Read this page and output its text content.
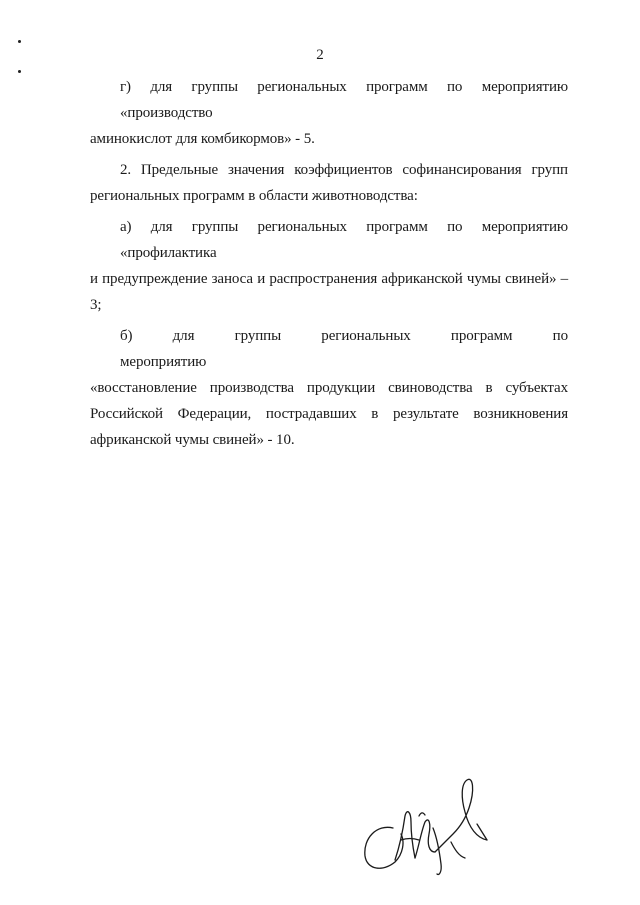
2

г) для группы региональных программ по мероприятию «производство
аминокислот для комбикормов» - 5.

2. Предельные значения коэффициентов софинансирования групп
региональных программ в области животноводства:

а) для группы региональных программ по мероприятию «профилактика
и предупреждение заноса и распространения африканской чумы свиней» –
3;

б) для группы региональных программ по мероприятию
«восстановление производства продукции свиноводства в субъектах
Российской Федерации, пострадавших в результате возникновения
африканской чумы свиней» - 10.
